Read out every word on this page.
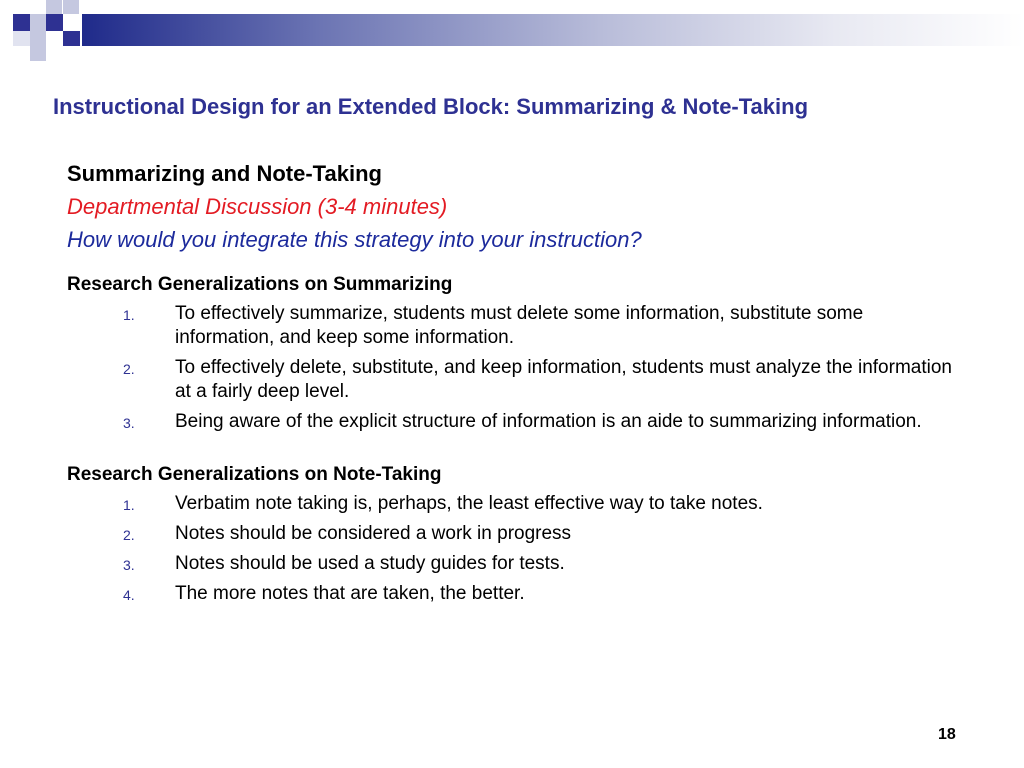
Instructional Design for an Extended Block: Summarizing & Note-Taking
Summarizing and Note-Taking
Departmental Discussion (3-4 minutes)
How would you integrate this strategy into your instruction?
Research Generalizations on Summarizing
1. To effectively summarize, students must delete some information, substitute some information, and keep some information.
2. To effectively delete, substitute, and keep information, students must analyze the information at a fairly deep level.
3. Being aware of the explicit structure of information is an aide to summarizing information.
Research Generalizations on Note-Taking
1. Verbatim note taking is, perhaps, the least effective way to take notes.
2. Notes should be considered a work in progress
3. Notes should be used a study guides for tests.
4. The more notes that are taken, the better.
18
